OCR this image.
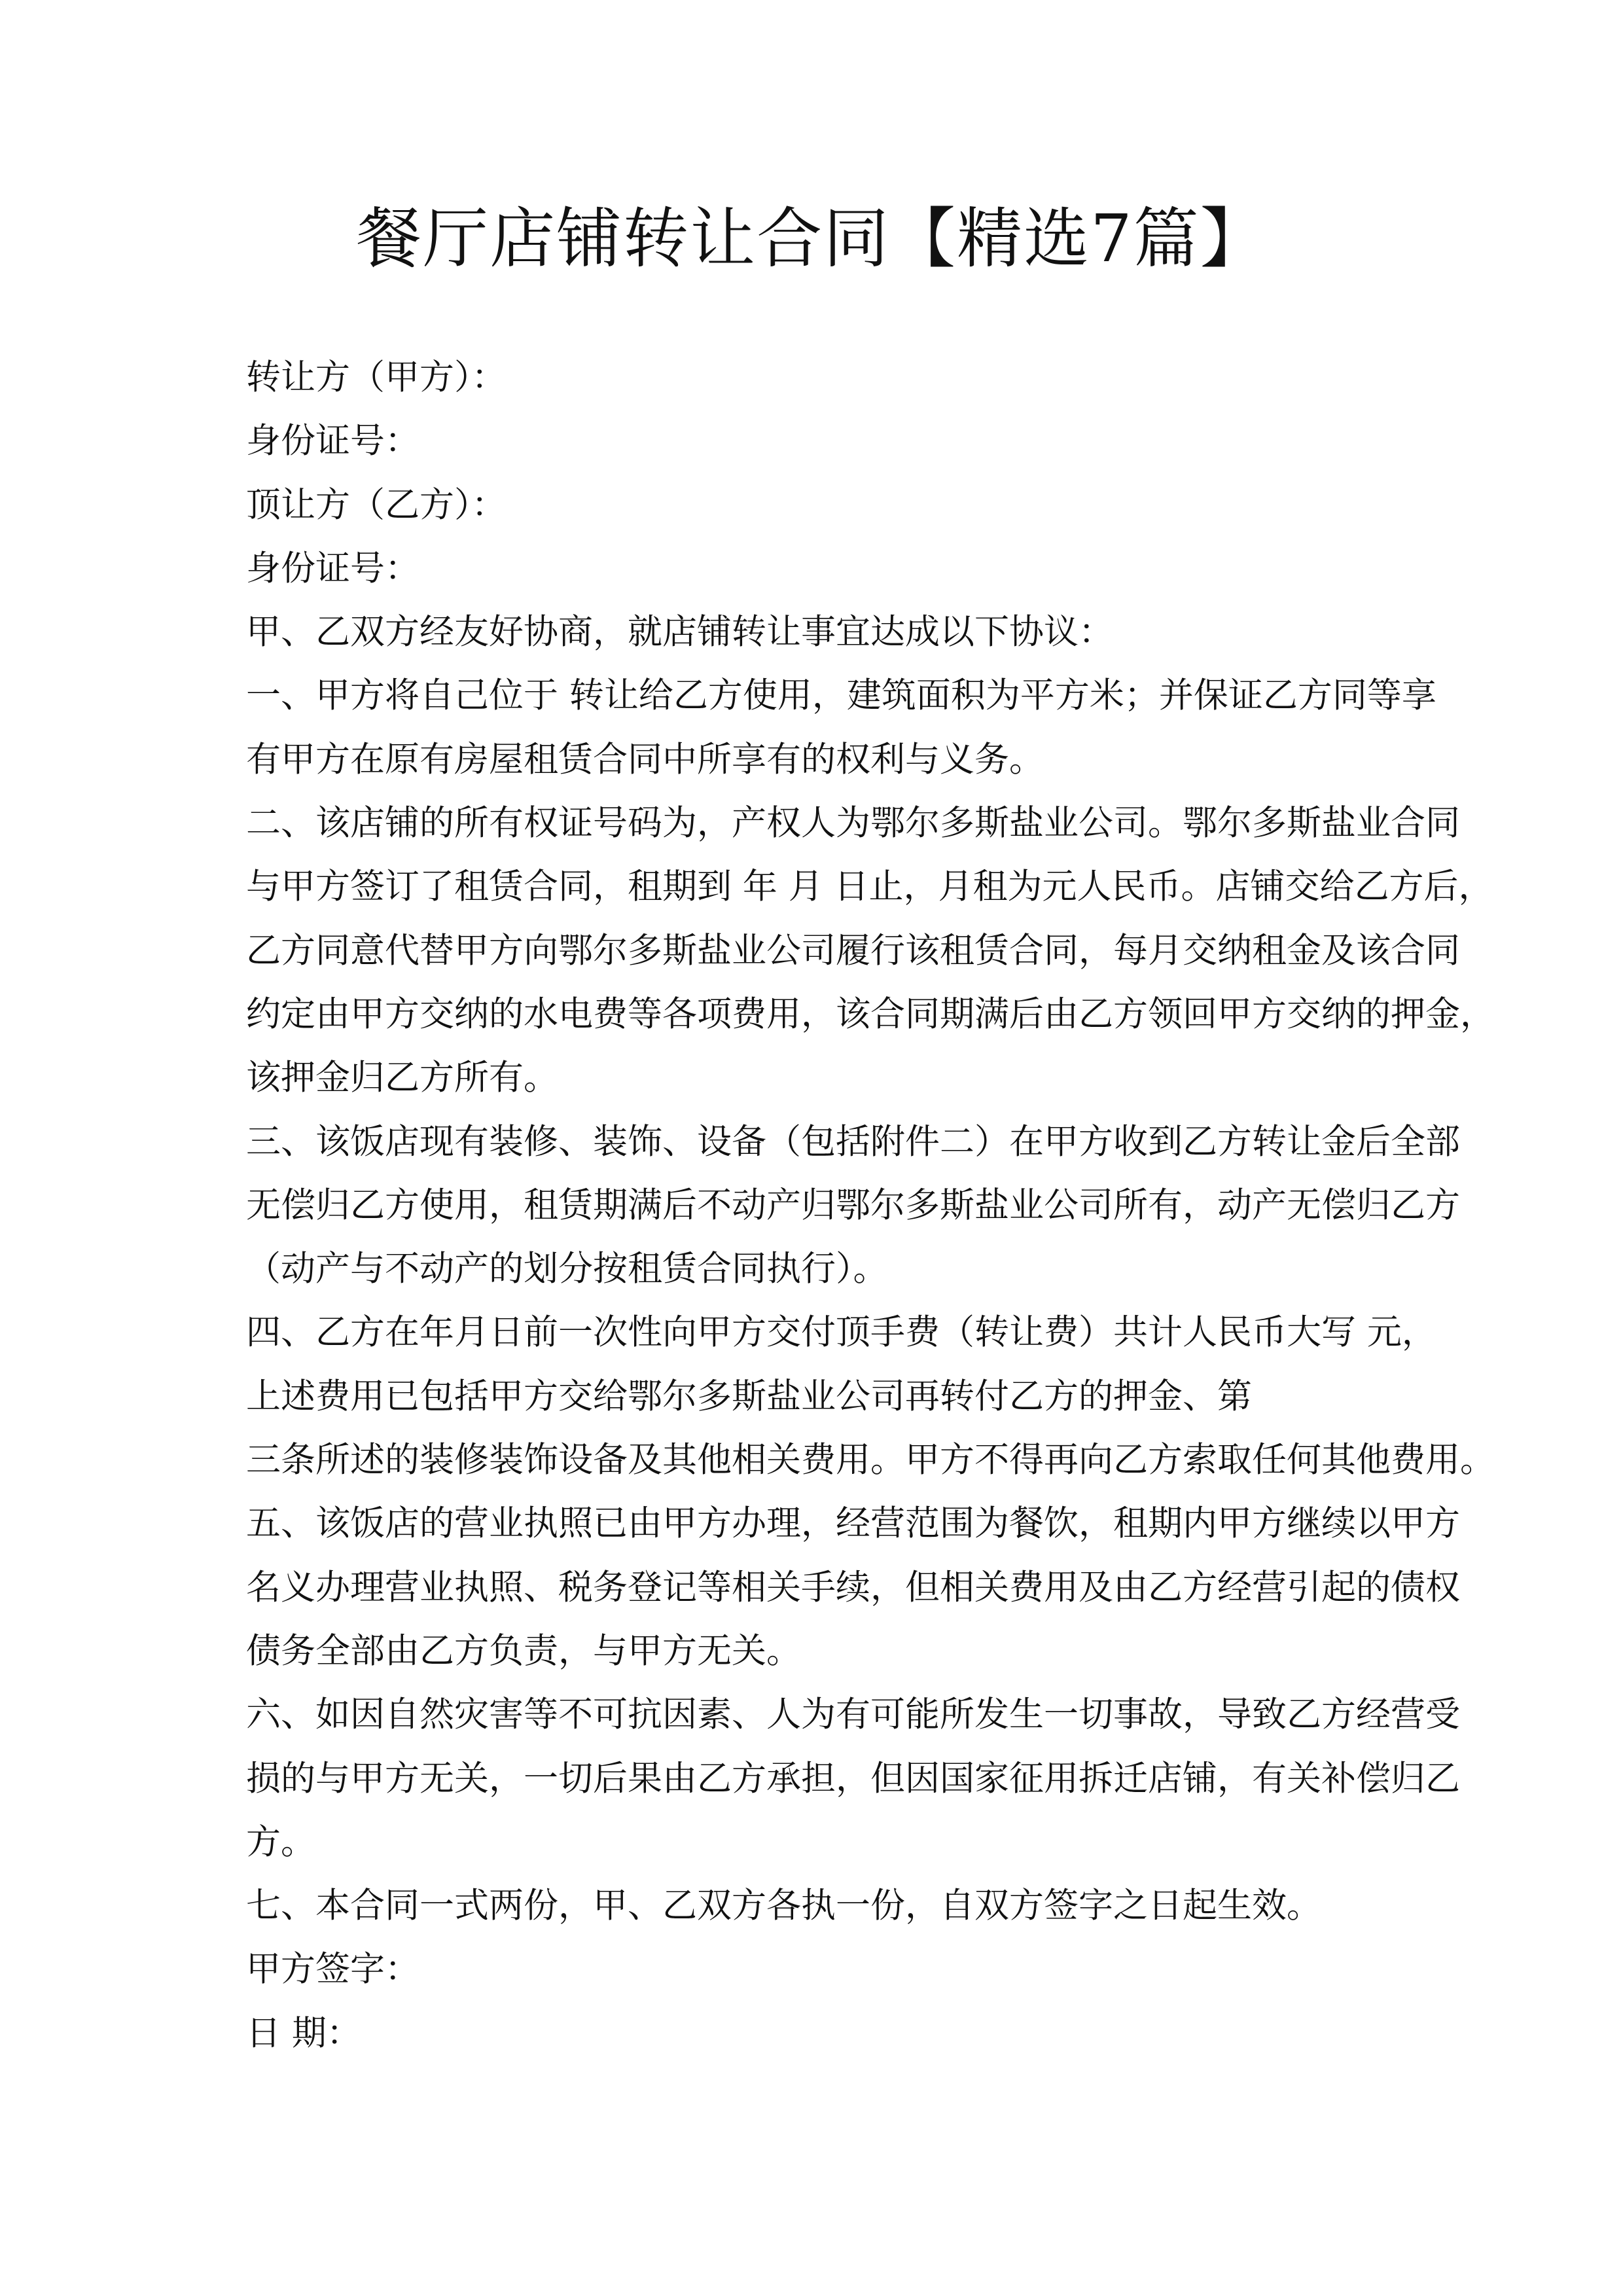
餐厅店铺转让合同【精选7篇】
转让方（甲方）：
身份证号：
顶让方（乙方）：
身份证号：
甲、乙双方经友好协商，就店铺转让事宜达成以下协议：
一、甲方将自己位于 转让给乙方使用，建筑面积为平方米；并保证乙方同等享
有甲方在原有房屋租赁合同中所享有的权利与义务。
二、该店铺的所有权证号码为，产权人为鄂尔多斯盐业公司。鄂尔多斯盐业合同
与甲方签订了租赁合同，租期到 年 月 日止，月租为元人民币。店铺交给乙方后，
乙方同意代替甲方向鄂尔多斯盐业公司履行该租赁合同，每月交纳租金及该合同
约定由甲方交纳的水电费等各项费用，该合同期满后由乙方领回甲方交纳的押金，
该押金归乙方所有。
三、该饭店现有装修、装饰、设备（包括附件二）在甲方收到乙方转让金后全部
无偿归乙方使用，租赁期满后不动产归鄂尔多斯盐业公司所有，动产无偿归乙方
（动产与不动产的划分按租赁合同执行）。
四、乙方在年月日前一次性向甲方交付顶手费（转让费）共计人民币大写 元，
上述费用已包括甲方交给鄂尔多斯盐业公司再转付乙方的押金、第
三条所述的装修装饰设备及其他相关费用。甲方不得再向乙方索取任何其他费用。
五、该饭店的营业执照已由甲方办理，经营范围为餐饮，租期内甲方继续以甲方
名义办理营业执照、税务登记等相关手续，但相关费用及由乙方经营引起的债权
债务全部由乙方负责，与甲方无关。
六、如因自然灾害等不可抗因素、人为有可能所发生一切事故，导致乙方经营受
损的与甲方无关，一切后果由乙方承担，但因国家征用拆迁店铺，有关补偿归乙
方。
七、本合同一式两份，甲、乙双方各执一份，自双方签字之日起生效。
甲方签字：
日 期：
